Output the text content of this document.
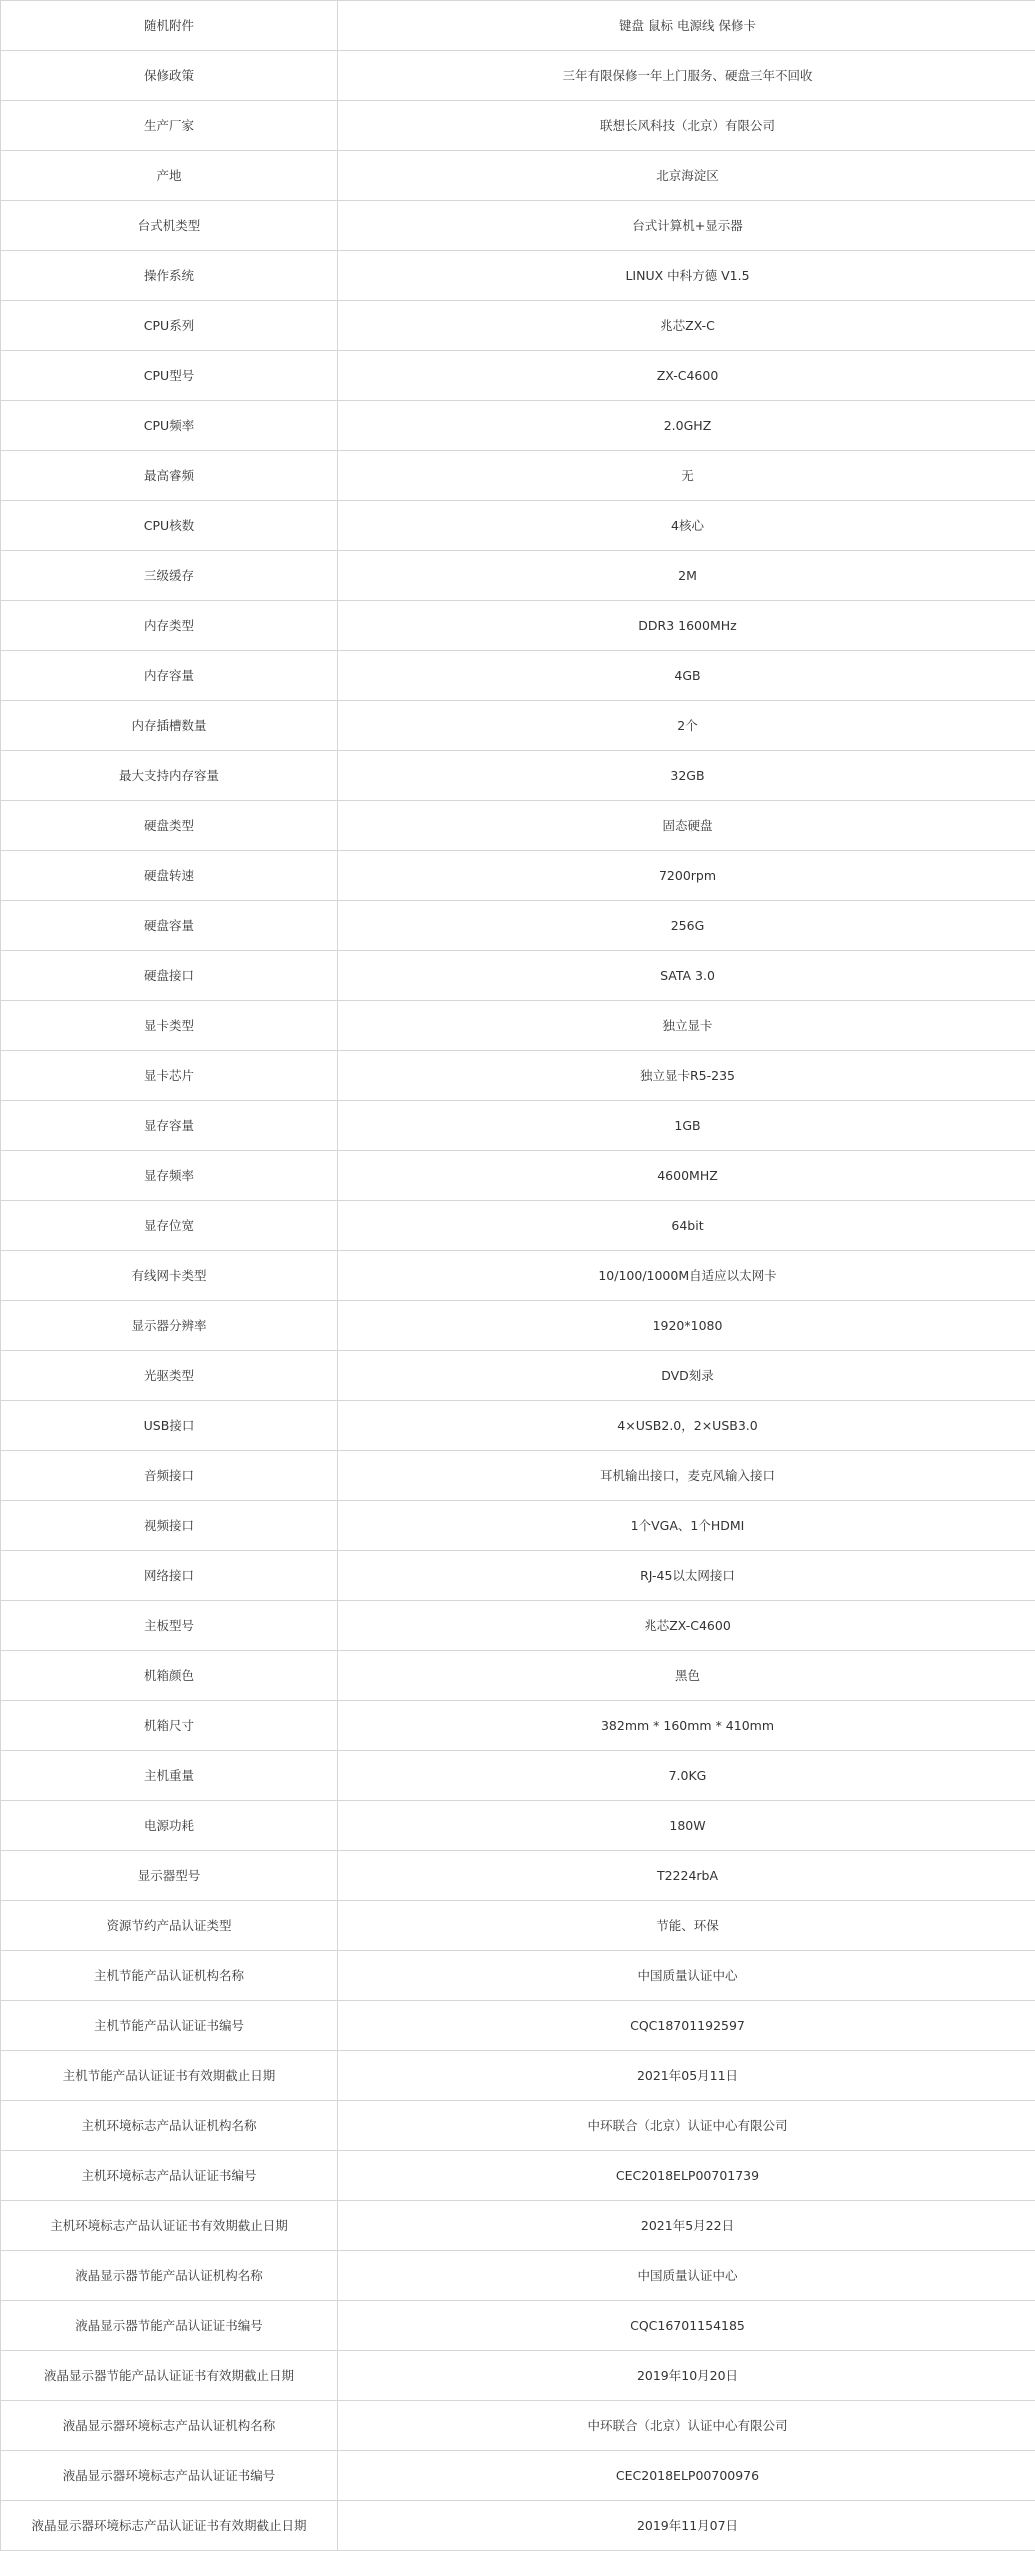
随机附件	键盘 鼠标 电源线 保修卡
保修政策	三年有限保修一年上门服务、硬盘三年不回收
生产厂家	联想长风科技（北京）有限公司
产地	北京海淀区
台式机类型	台式计算机+显示器
操作系统	LINUX 中科方德 V1.5
CPU系列	兆芯ZX-C
CPU型号	ZX-C4600
CPU频率	2.0GHZ
最高睿频	无
CPU核数	4核心
三级缓存	2M
内存类型	DDR3 1600MHz
内存容量	4GB
内存插槽数量	2个
最大支持内存容量	32GB
硬盘类型	固态硬盘
硬盘转速	7200rpm
硬盘容量	256G
硬盘接口	SATA 3.0
显卡类型	独立显卡
显卡芯片	独立显卡R5-235
显存容量	1GB
显存频率	4600MHZ
显存位宽	64bit
有线网卡类型	10/100/1000M自适应以太网卡
显示器分辨率	1920*1080
光驱类型	DVD刻录
USB接口	4×USB2.0，2×USB3.0
音频接口	耳机输出接口，麦克风输入接口
视频接口	1个VGA、1个HDMI
网络接口	RJ-45以太网接口
主板型号	兆芯ZX-C4600
机箱颜色	黑色
机箱尺寸	382mm * 160mm * 410mm
主机重量	7.0KG
电源功耗	180W
显示器型号	T2224rbA
资源节约产品认证类型	节能、环保
主机节能产品认证机构名称	中国质量认证中心
主机节能产品认证证书编号	CQC18701192597
主机节能产品认证证书有效期截止日期	2021年05月11日
主机环境标志产品认证机构名称	中环联合（北京）认证中心有限公司
主机环境标志产品认证证书编号	CEC2018ELP00701739
主机环境标志产品认证证书有效期截止日期	2021年5月22日
液晶显示器节能产品认证机构名称	中国质量认证中心
液晶显示器节能产品认证证书编号	CQC16701154185
液晶显示器节能产品认证证书有效期截止日期	2019年10月20日
液晶显示器环境标志产品认证机构名称	中环联合（北京）认证中心有限公司
液晶显示器环境标志产品认证证书编号	CEC2018ELP00700976
液晶显示器环境标志产品认证证书有效期截止日期	2019年11月07日
